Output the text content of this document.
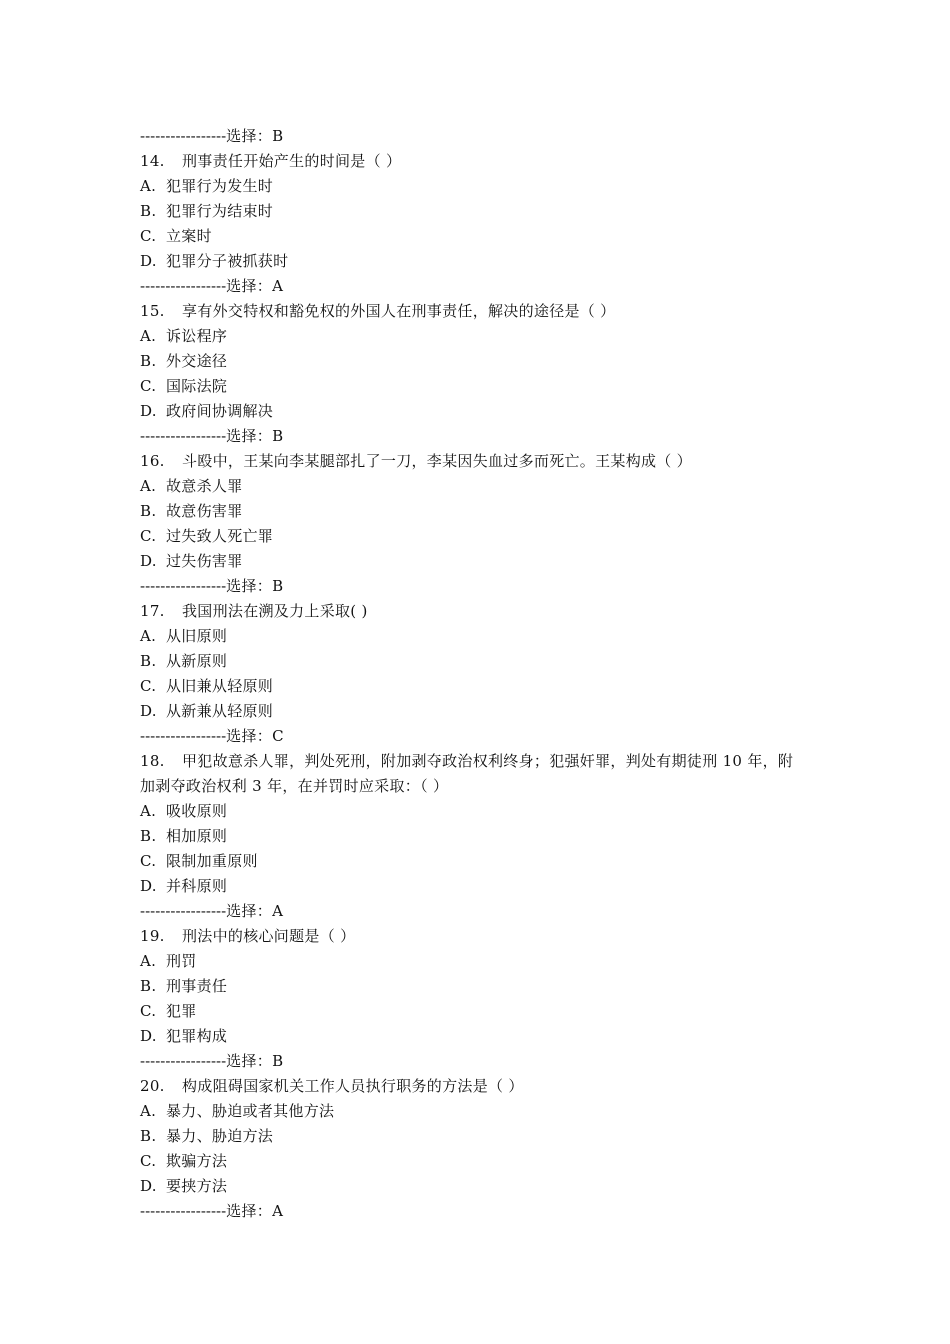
-----------------选择：B
14. 刑事责任开始产生的时间是（ ）
A. 犯罪行为发生时
B. 犯罪行为结束时
C. 立案时
D. 犯罪分子被抓获时
-----------------选择：A
15. 享有外交特权和豁免权的外国人在刑事责任，解决的途径是（ ）
A. 诉讼程序
B. 外交途径
C. 国际法院
D. 政府间协调解决
-----------------选择：B
16. 斗殴中，王某向李某腿部扎了一刀，李某因失血过多而死亡。王某构成（ ）
A. 故意杀人罪
B. 故意伤害罪
C. 过失致人死亡罪
D. 过失伤害罪
-----------------选择：B
17. 我国刑法在溯及力上采取( )
A. 从旧原则
B. 从新原则
C. 从旧兼从轻原则
D. 从新兼从轻原则
-----------------选择：C
18. 甲犯故意杀人罪，判处死刑，附加剥夺政治权利终身；犯强奸罪，判处有期徒刑 10 年，附
加剥夺政治权利 3 年，在并罚时应采取：（ ）
A. 吸收原则
B. 相加原则
C. 限制加重原则
D. 并科原则
-----------------选择：A
19. 刑法中的核心问题是（ ）
A. 刑罚
B. 刑事责任
C. 犯罪
D. 犯罪构成
-----------------选择：B
20. 构成阻碍国家机关工作人员执行职务的方法是（ ）
A. 暴力、胁迫或者其他方法
B. 暴力、胁迫方法
C. 欺骗方法
D. 要挟方法
-----------------选择：A
